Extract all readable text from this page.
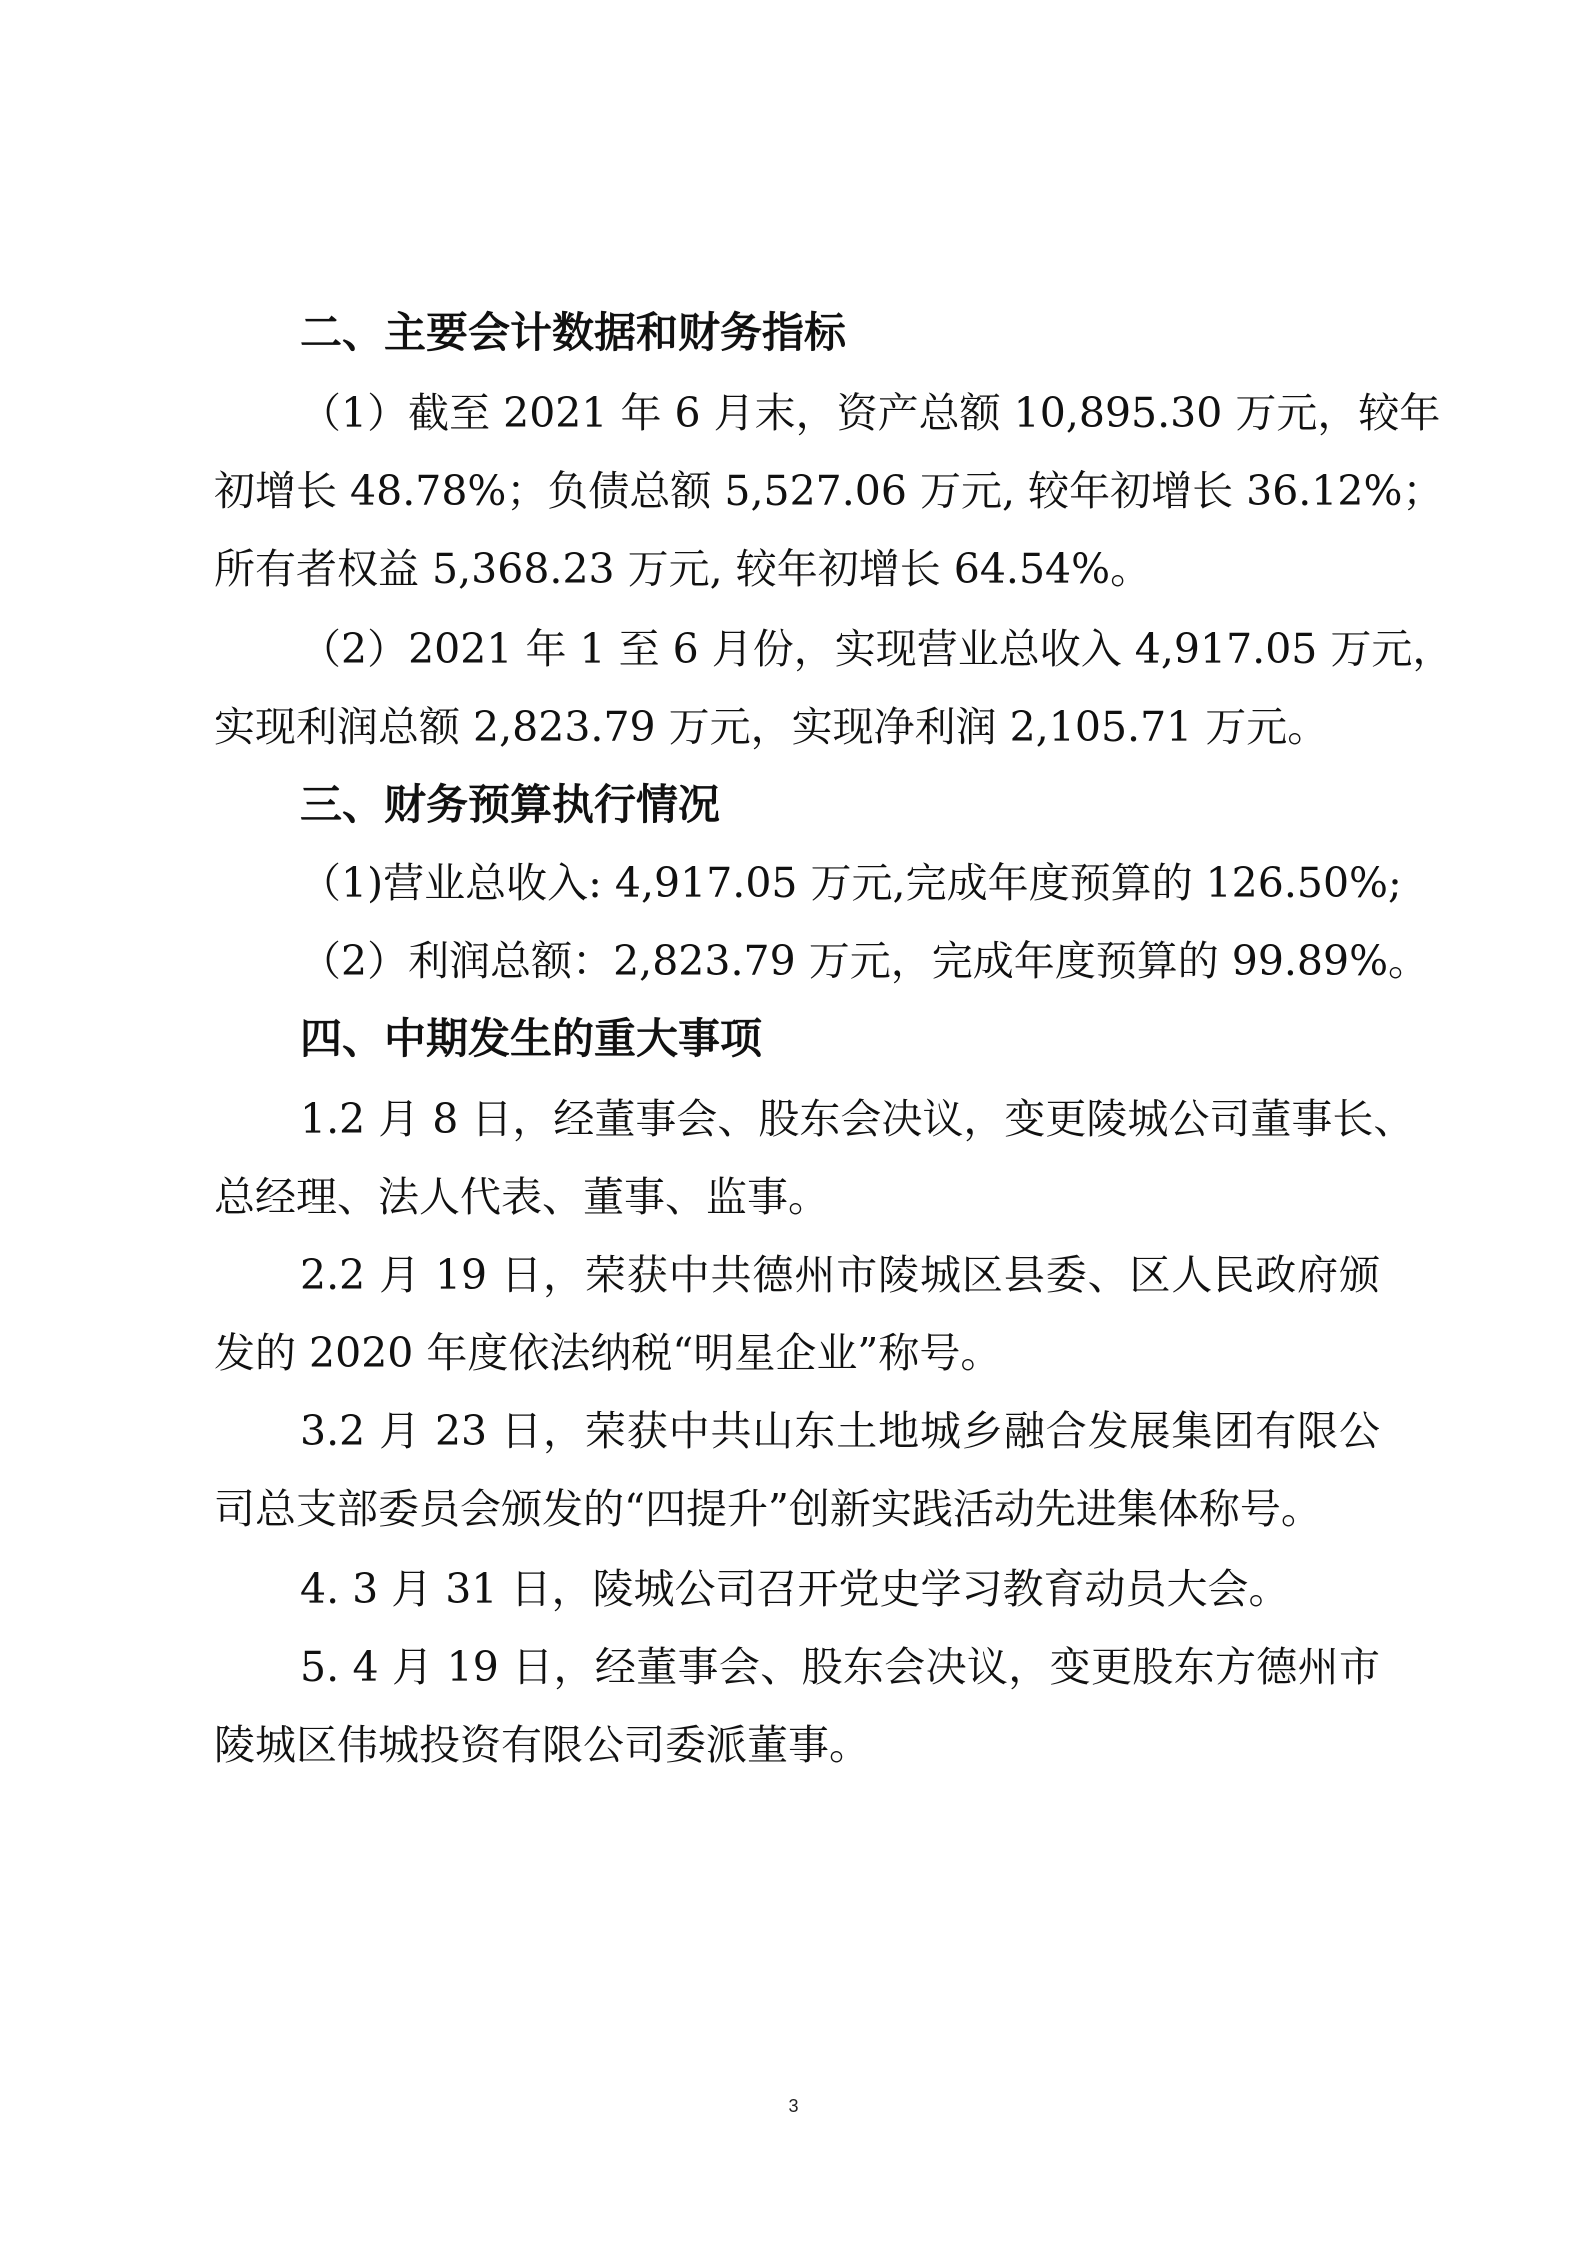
二、主要会计数据和财务指标
（1）截至 2021 年 6 月末，资产总额 10,895.30 万元，较年
初增长 48.78%；负债总额 5,527.06 万元, 较年初增长 36.12%；
所有者权益 5,368.23 万元, 较年初增长 64.54%。
（2）2021 年 1 至 6 月份，实现营业总收入 4,917.05 万元，
实现利润总额 2,823.79 万元，实现净利润 2,105.71 万元。
三、财务预算执行情况
（1)营业总收入: 4,917.05 万元,完成年度预算的 126.50%;
（2）利润总额：2,823.79 万元，完成年度预算的 99.89%。
四、中期发生的重大事项
1.2 月 8 日，经董事会、股东会决议，变更陵城公司董事长、
总经理、法人代表、董事、监事。
2.2 月 19 日，荣获中共德州市陵城区县委、区人民政府颁
发的 2020 年度依法纳税“明星企业”称号。
3.2 月 23 日，荣获中共山东土地城乡融合发展集团有限公
司总支部委员会颁发的“四提升”创新实践活动先进集体称号。
4. 3 月 31 日，陵城公司召开党史学习教育动员大会。
5. 4 月 19 日，经董事会、股东会决议，变更股东方德州市
陵城区伟城投资有限公司委派董事。
3
